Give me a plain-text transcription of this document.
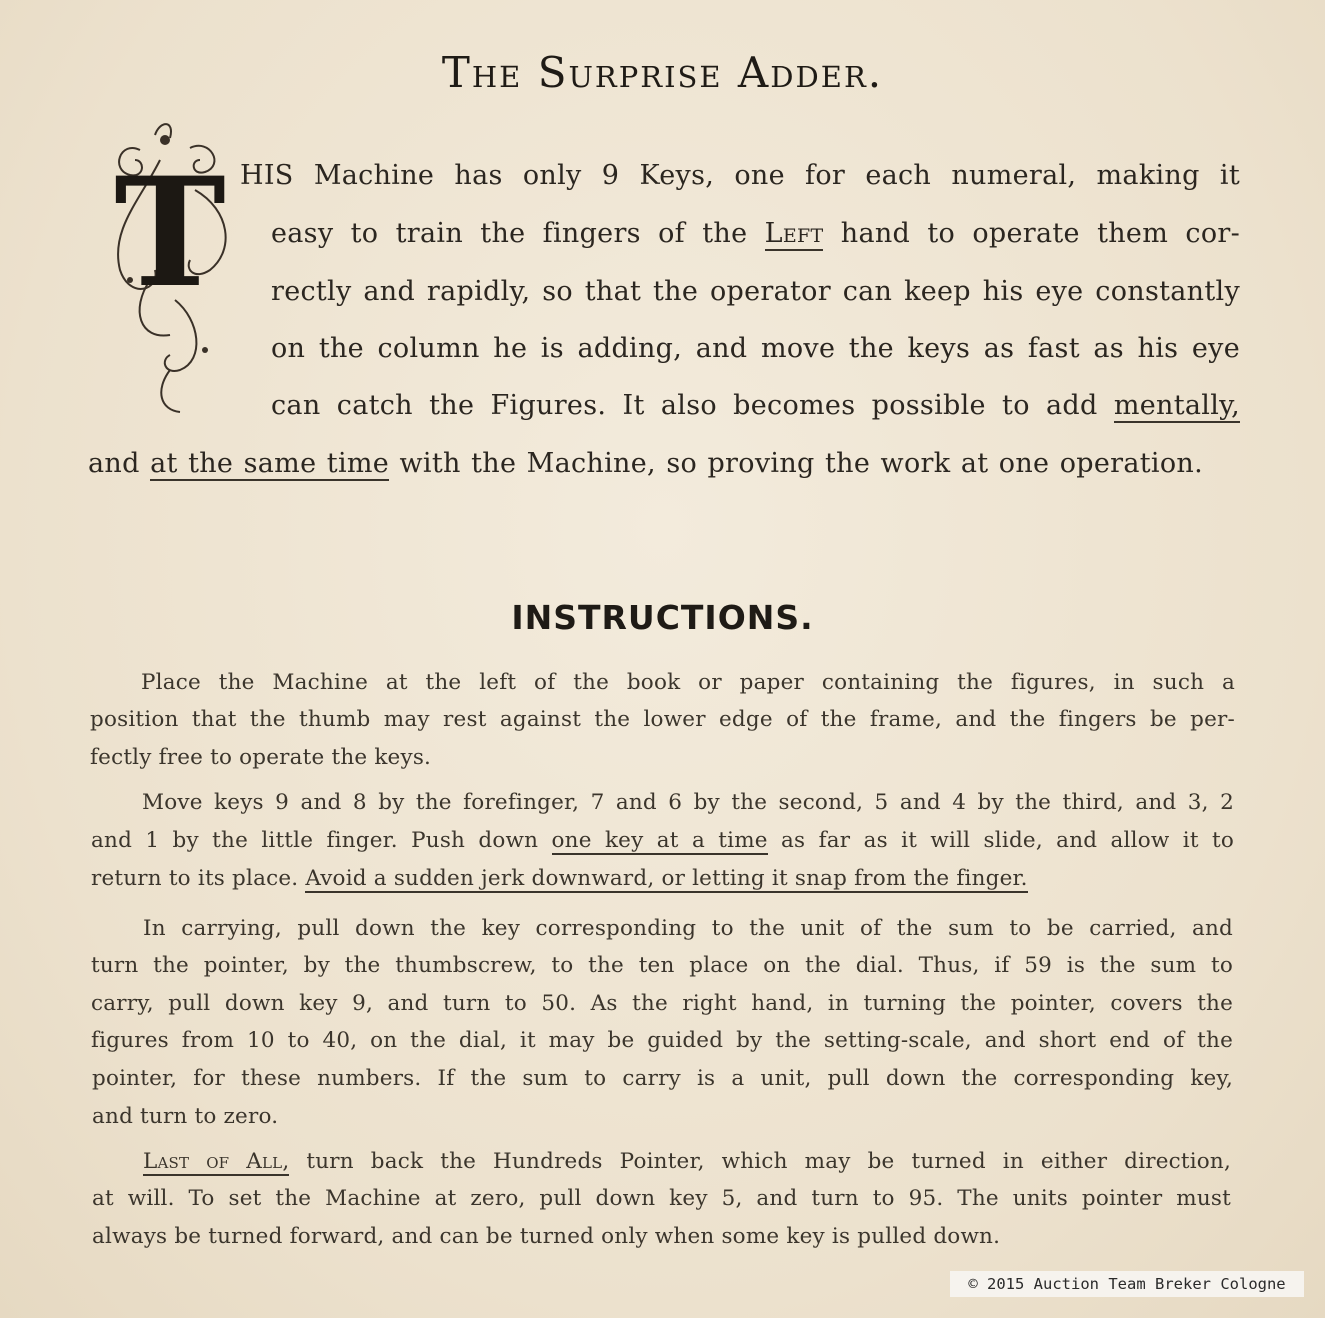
The Surprise Adder.
T HIS Machine has only 9 Keys, one for each numeral, making it
easy to train the fingers of the Left hand to operate them cor-
rectly and rapidly, so that the operator can keep his eye constantly
on the column he is adding, and move the keys as fast as his eye
can catch the Figures. It also becomes possible to add mentally,
and at the same time with the Machine, so proving the work at one operation.
INSTRUCTIONS.
Place the Machine at the left of the book or paper containing the figures, in such a
position that the thumb may rest against the lower edge of the frame, and the fingers be per-
fectly free to operate the keys.
Move keys 9 and 8 by the forefinger, 7 and 6 by the second, 5 and 4 by the third, and 3, 2
and 1 by the little finger. Push down one key at a time as far as it will slide, and allow it to
return to its place. Avoid a sudden jerk downward, or letting it snap from the finger.
In carrying, pull down the key corresponding to the unit of the sum to be carried, and
turn the pointer, by the thumbscrew, to the ten place on the dial. Thus, if 59 is the sum to
carry, pull down key 9, and turn to 50. As the right hand, in turning the pointer, covers the
figures from 10 to 40, on the dial, it may be guided by the setting-scale, and short end of the
pointer, for these numbers. If the sum to carry is a unit, pull down the corresponding key,
and turn to zero.
Last of All, turn back the Hundreds Pointer, which may be turned in either direction,
at will. To set the Machine at zero, pull down key 5, and turn to 95. The units pointer must
always be turned forward, and can be turned only when some key is pulled down.
© 2015 Auction Team Breker Cologne
